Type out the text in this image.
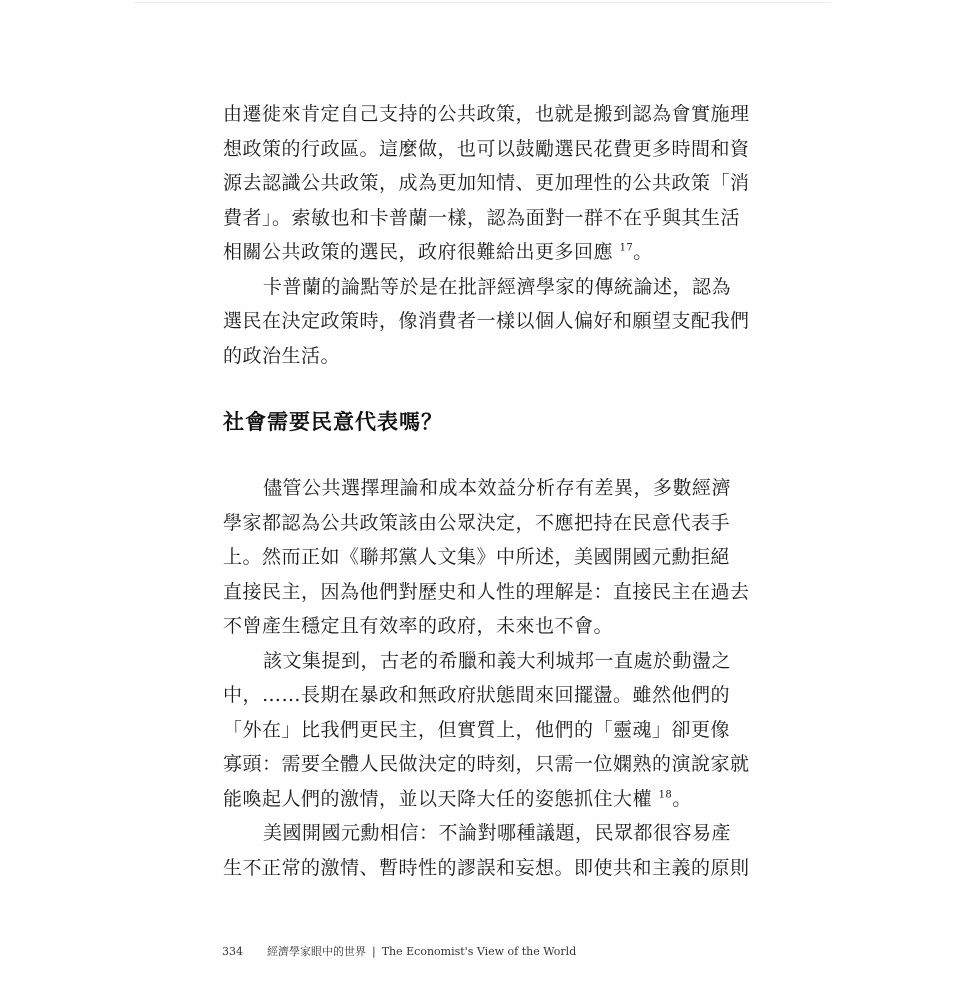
由遷徙來肯定自己支持的公共政策，也就是搬到認為會實施理
想政策的行政區。這麼做，也可以鼓勵選民花費更多時間和資
源去認識公共政策，成為更加知情、更加理性的公共政策「消
費者」。索敏也和卡普蘭一樣，認為面對一群不在乎與其生活
相關公共政策的選民，政府很難給出更多回應 $^{17}$。
卡普蘭的論點等於是在批評經濟學家的傳統論述，認為
選民在決定政策時，像消費者一樣以個人偏好和願望支配我們
的政治生活。
社會需要民意代表嗎？
儘管公共選擇理論和成本效益分析存有差異，多數經濟
學家都認為公共政策該由公眾決定，不應把持在民意代表手
上。然而正如《聯邦黨人文集》中所述，美國開國元勳拒絕
直接民主，因為他們對歷史和人性的理解是：直接民主在過去
不曾產生穩定且有效率的政府，未來也不會。
該文集提到，古老的希臘和義大利城邦一直處於動盪之
中，……長期在暴政和無政府狀態間來回擺盪。雖然他們的
「外在」比我們更民主，但實質上，他們的「靈魂」卻更像
寡頭：需要全體人民做決定的時刻，只需一位嫻熟的演說家就
能喚起人們的激情，並以天降大任的姿態抓住大權 $^{18}$。
美國開國元勳相信：不論對哪種議題，民眾都很容易產
生不正常的激情、暫時性的謬誤和妄想。即使共和主義的原則
334 經濟學家眼中的世界 | The Economist's View of the World
